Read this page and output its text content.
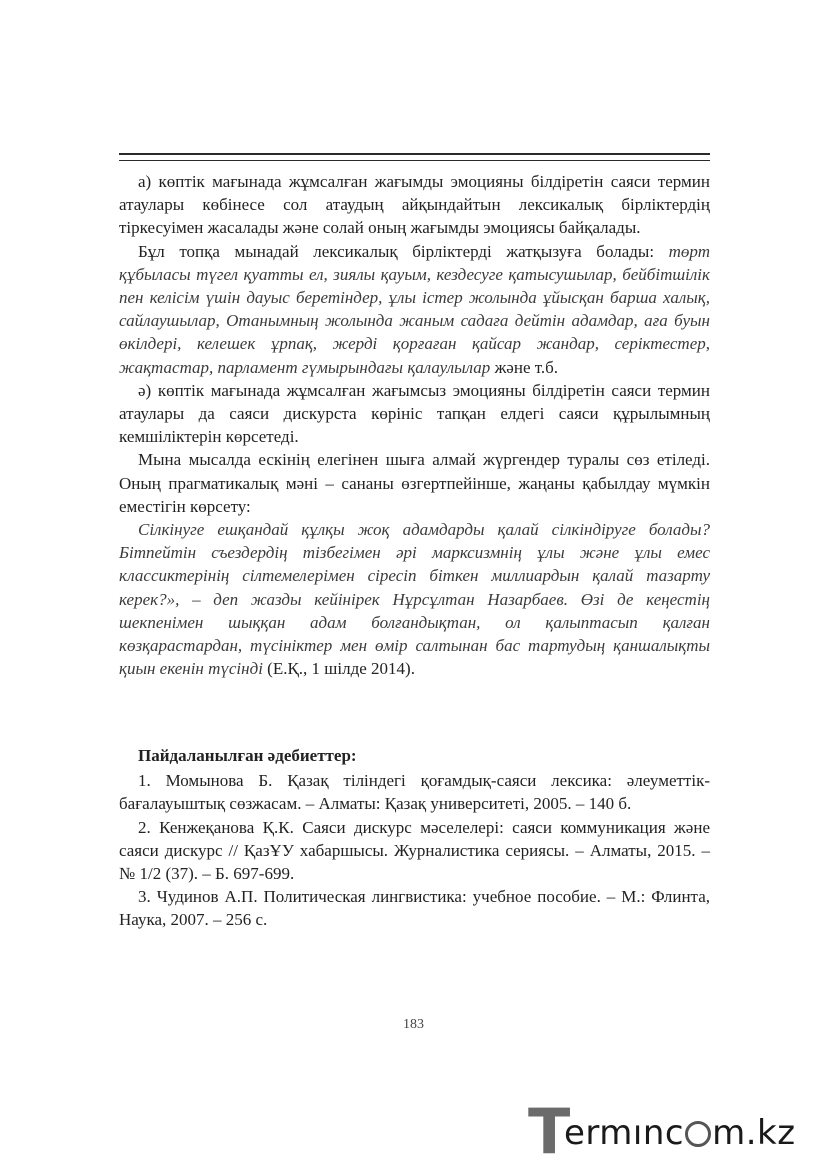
а) көптік мағынада жұмсалған жағымды эмоцияны білдіретін саяси термин атаулары көбінесе сол атаудың айқындайтын лексикалық бірліктердің тіркесуімен жасалады және солай оның жағымды эмоциясы байқалады.

Бұл топқа мынадай лексикалық бірліктерді жатқызуға болады: төрт құбыласы түгел қуатты ел, зиялы қауым, кездесуге қатысушылар, бейбітшілік пен келісім үшін дауыс беретіндер, ұлы істер жолында ұйысқан барша халық, сайлаушылар, Отанымның жолында жаным садаға дейтін адамдар, аға буын өкілдері, келешек ұрпақ, жерді қорғаған қайсар жандар, серіктестер, жақтастар, парламент гүмырындағы қалаулылар және т.б.

ә) көптік мағынада жұмсалған жағымсыз эмоцияны білдіретін саяси термин атаулары да саяси дискурста көрініс тапқан елдегі саяси құрылымның кемшіліктерін көрсетеді.

Мына мысалда ескінің елегінен шыға алмай жүргендер туралы сөз етіледі. Оның прагматикалық мәні – сананы өзгертпейінше, жаңаны қабылдау мүмкін еместігін көрсету:

Сілкінуге ешқандай құлқы жоқ адамдарды қалай сілкіндіруге болады? Бітпейтін съездердің тізбегімен әрі марксизмнің ұлы және ұлы емес классиктерінің сілтемелерімен сіресіп біткен миллиардын қалай тазарту керек?», – деп жазды кейінірек Нұрсұлтан Назарбаев. Өзі де кеңестің шекпенімен шыққан адам болғандықтан, ол қалыптасып қалған көзқарастардан, түсініктер мен өмір салтынан бас тартудың қаншалықты қиын екенін түсінді (Е.Қ., 1 шілде 2014).

Пайдаланылған әдебиеттер:

1. Момынова Б. Қазақ тіліндегі қоғамдық-саяси лексика: әлеуметтік-бағалауыштық сөзжасам. – Алматы: Қазақ университеті, 2005. – 140 б.

2. Кенжеқанова Қ.К. Саяси дискурс мәселелері: саяси коммуникация және саяси дискурс // ҚазҰУ хабаршысы. Журналистика сериясы. – Алматы, 2015. – № 1/2 (37). – Б. 697-699.

3. Чудинов А.П. Политическая лингвистика: учебное пособие. – М.: Флинта, Наука, 2007. – 256 с.

183
T
ermınc m.kz
